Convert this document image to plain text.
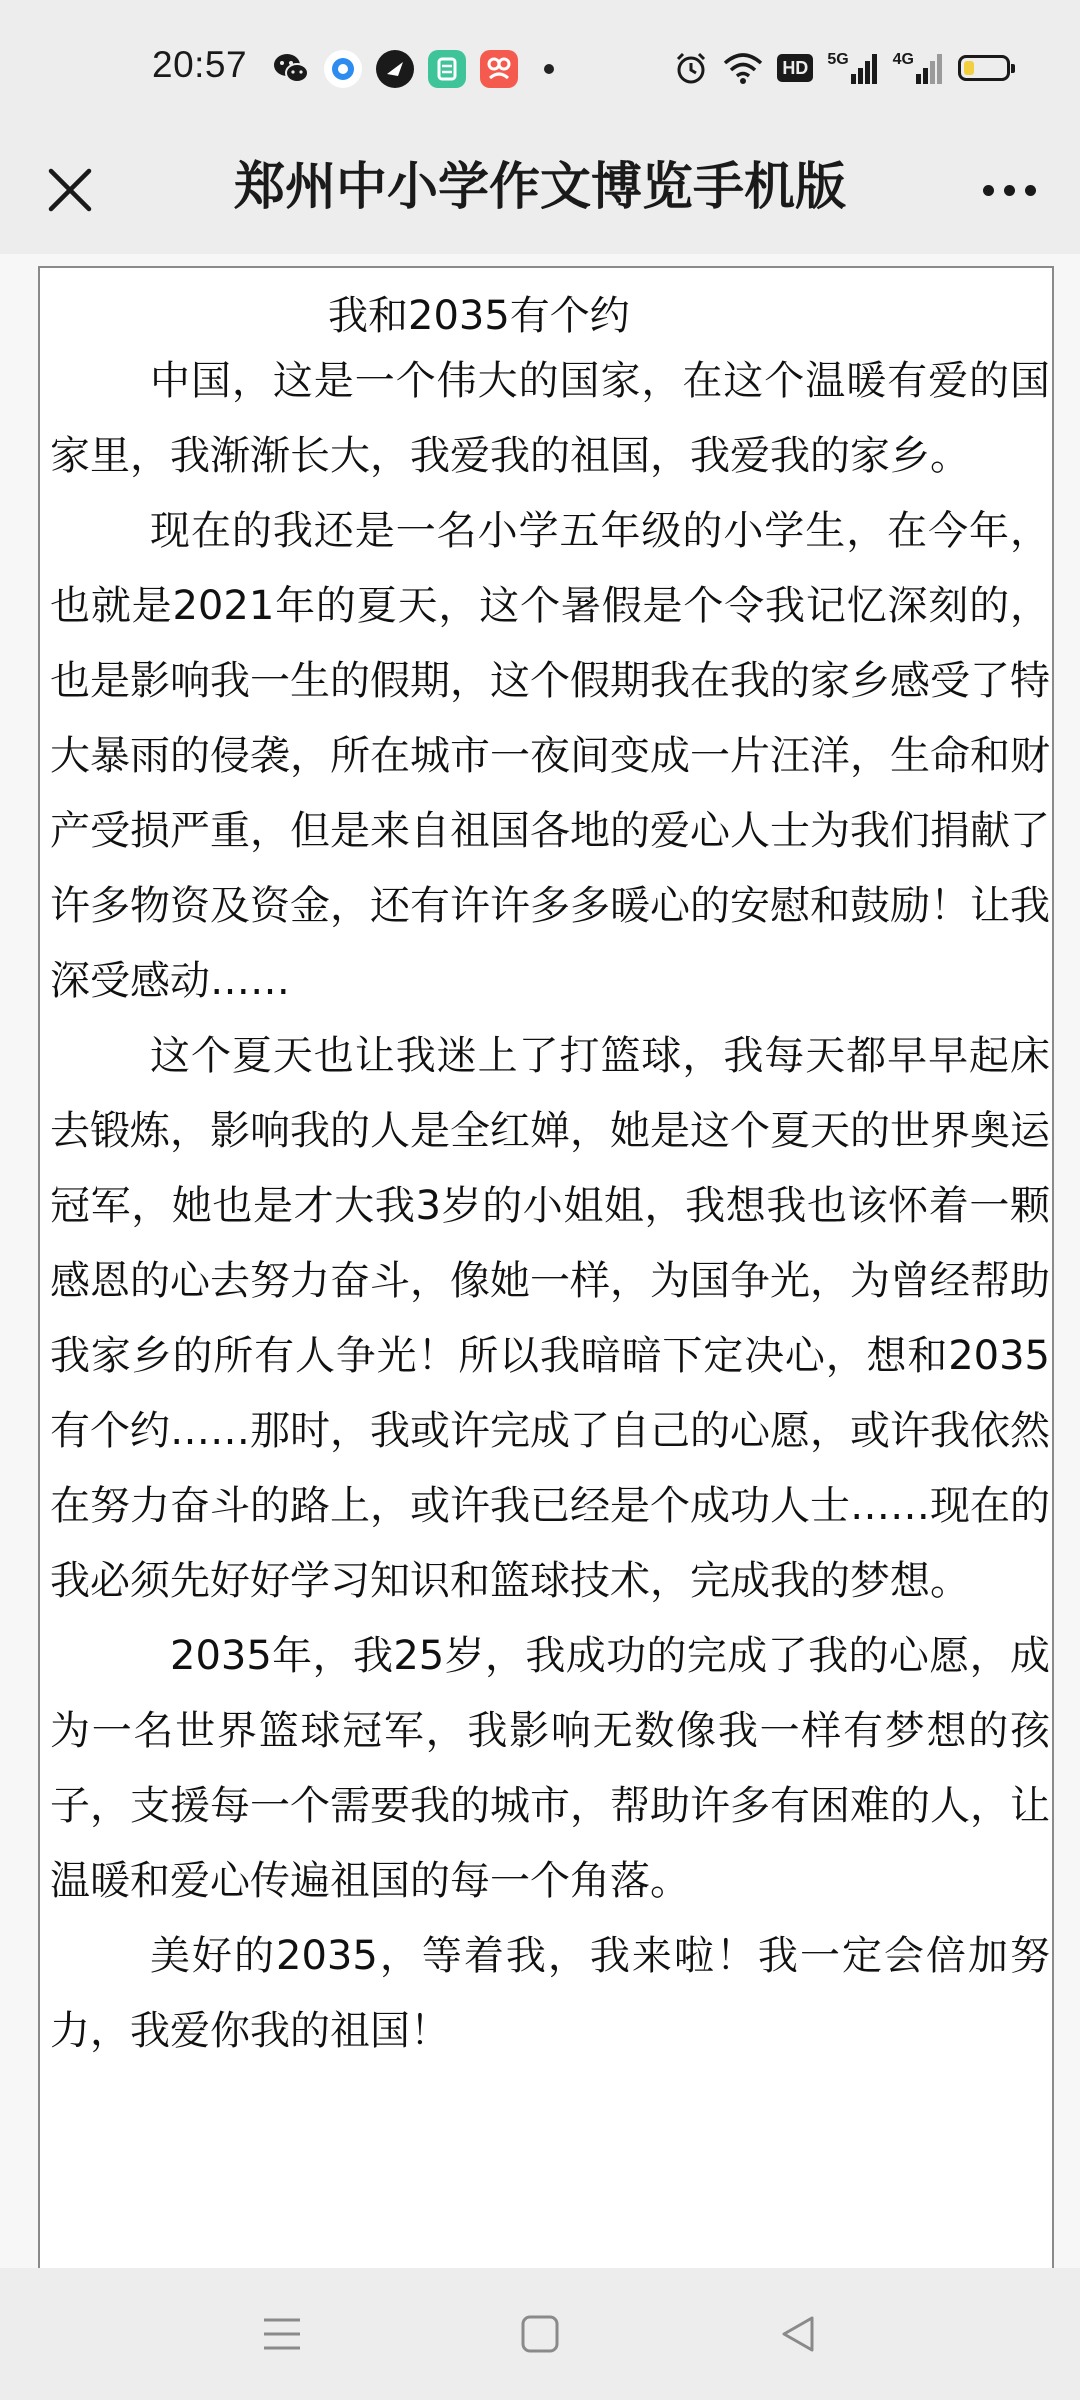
20:57	HD	5G	4G
郑州中小学作文博览手机版
我和2035有个约

中国，这是一个伟大的国家，在这个温暖有爱的国家里，我渐渐长大，我爱我的祖国，我爱我的家乡。

现在的我还是一名小学五年级的小学生，在今年，也就是2021年的夏天，这个暑假是个令我记忆深刻的，也是影响我一生的假期，这个假期我在我的家乡感受了特大暴雨的侵袭，所在城市一夜间变成一片汪洋，生命和财产受损严重，但是来自祖国各地的爱心人士为我们捐献了许多物资及资金，还有许许多多暖心的安慰和鼓励！让我深受感动……

这个夏天也让我迷上了打篮球，我每天都早早起床去锻炼，影响我的人是全红婵，她是这个夏天的世界奥运冠军，她也是才大我3岁的小姐姐，我想我也该怀着一颗感恩的心去努力奋斗，像她一样，为国争光，为曾经帮助我家乡的所有人争光！所以我暗暗下定决心，想和2035有个约……那时，我或许完成了自己的心愿，或许我依然在努力奋斗的路上，或许我已经是个成功人士……现在的我必须先好好学习知识和篮球技术，完成我的梦想。

2035年，我25岁，我成功的完成了我的心愿，成为一名世界篮球冠军，我影响无数像我一样有梦想的孩子，支援每一个需要我的城市，帮助许多有困难的人，让温暖和爱心传遍祖国的每一个角落。

美好的2035，等着我，我来啦！我一定会倍加努力，我爱你我的祖国！
